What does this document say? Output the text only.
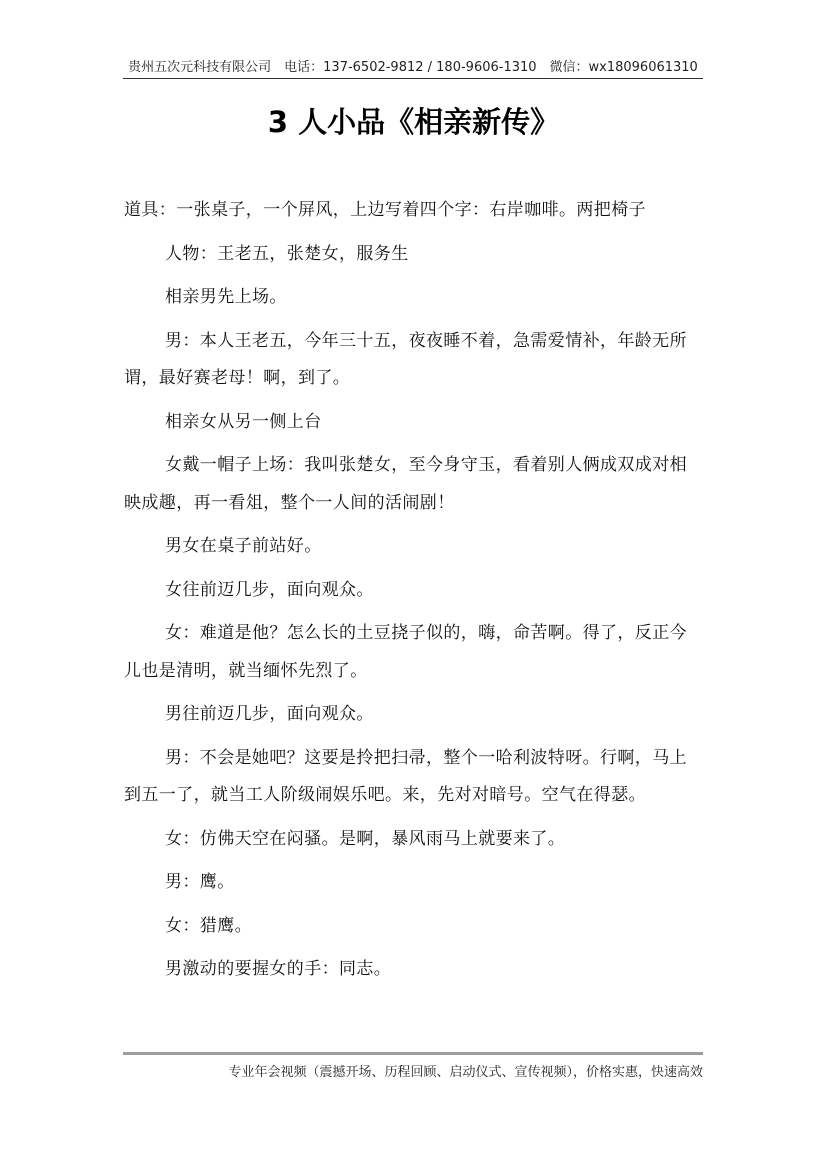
贵州五次元科技有限公司　电话：137-6502-9812 / 180-9606-1310　微信：wx18096061310
3 人小品《相亲新传》

道具：一张桌子，一个屏风，上边写着四个字：右岸咖啡。两把椅子

人物：王老五，张楚女，服务生

相亲男先上场。

男：本人王老五，今年三十五，夜夜睡不着，急需爱情补，年龄无所谓，最好赛老母！啊，到了。

相亲女从另一侧上台

女戴一帽子上场：我叫张楚女，至今身守玉，看着别人俩成双成对相映成趣，再一看俎，整个一人间的活闹剧！

男女在桌子前站好。

女往前迈几步，面向观众。

女：难道是他？怎么长的土豆挠子似的，嗨，命苦啊。得了，反正今儿也是清明，就当缅怀先烈了。

男往前迈几步，面向观众。

男：不会是她吧？这要是拎把扫帚，整个一哈利波特呀。行啊，马上到五一了，就当工人阶级闹娱乐吧。来，先对对暗号。空气在得瑟。

女：仿佛天空在闷骚。是啊，暴风雨马上就要来了。

男：鹰。

女：猎鹰。

男激动的要握女的手：同志。

专业年会视频（震撼开场、历程回顾、启动仪式、宣传视频），价格实惠，快速高效
